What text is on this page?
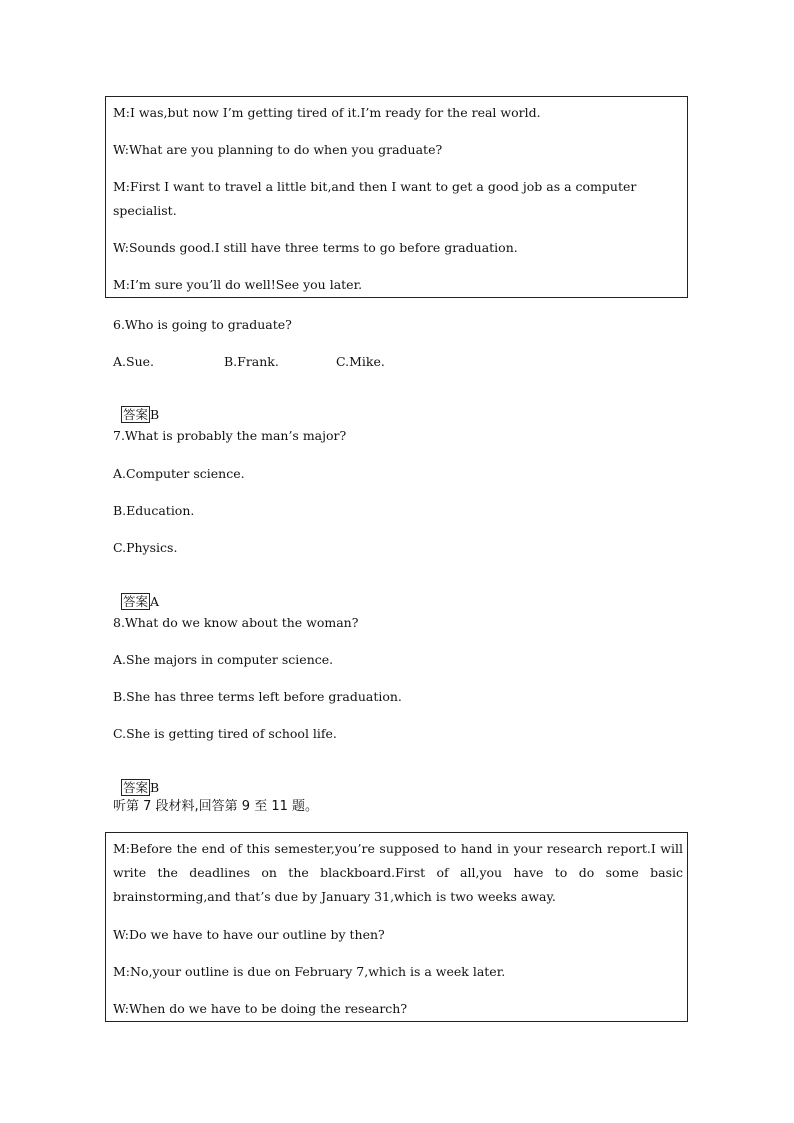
M:I was,but now I’m getting tired of it.I’m ready for the real world.
W:What are you planning to do when you graduate?
M:First I want to travel a little bit,and then I want to get a good job as a computer specialist.
W:Sounds good.I still have three terms to go before graduation.
M:I’m sure you’ll do well!See you later.
6.Who is going to graduate?
A.Sue.	B.Frank.	C.Mike.

答案 B

7.What is probably the man’s major?
A.Computer science.
B.Education.
C.Physics.

答案 A

8.What do we know about the woman?
A.She majors in computer science.
B.She has three terms left before graduation.
C.She is getting tired of school life.

答案 B

听第 7 段材料,回答第 9 至 11 题。
M:Before the end of this semester,you’re supposed to hand in your research report.I will write the deadlines on the blackboard.First of all,you have to do some basic brainstorming,and that’s due by January 31,which is two weeks away.
W:Do we have to have our outline by then?
M:No,your outline is due on February 7,which is a week later.
W:When do we have to be doing the research?
